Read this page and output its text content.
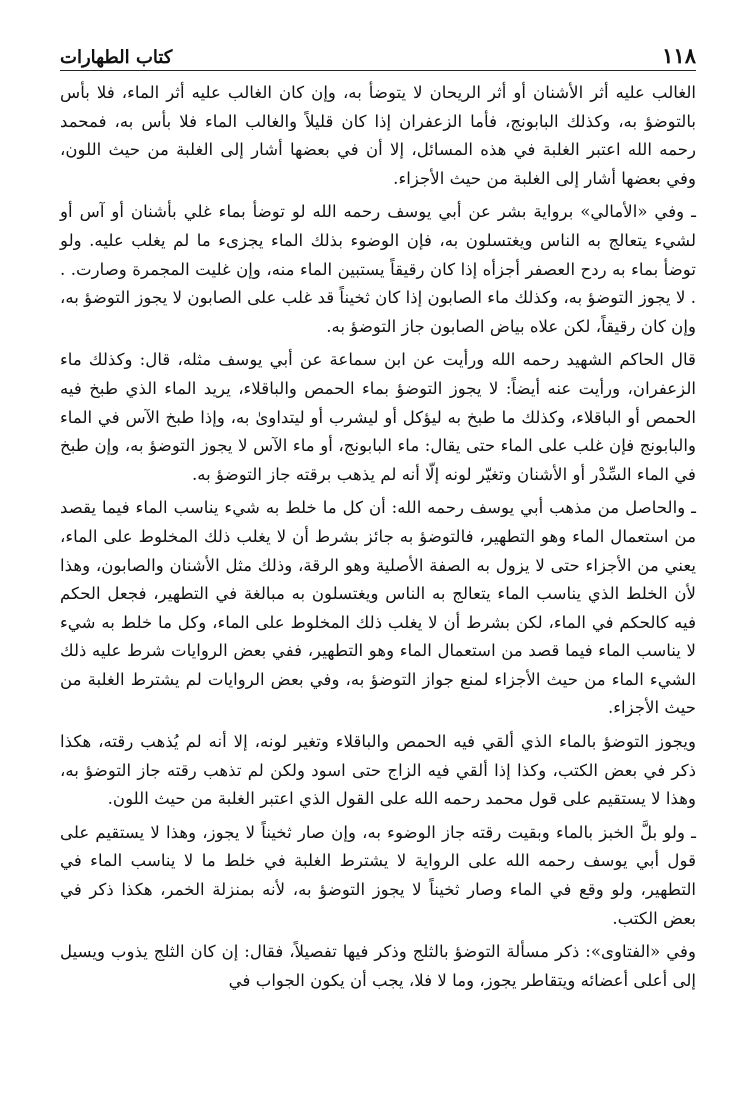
١١٨
كتاب الطهارات

الغالب عليه أثر الأشنان أو أثر الريحان لا يتوضأ به، وإن كان الغالب عليه أثر الماء، فلا بأس بالتوضؤ به، وكذلك البابونج، فأما الزعفران إذا كان قليلاً والغالب الماء فلا بأس به، فمحمد رحمه الله اعتبر الغلبة في هذه المسائل، إلا أن في بعضها أشار إلى الغلبة من حيث اللون، وفي بعضها أشار إلى الغلبة من حيث الأجزاء.

ـ وفي «الأمالي» برواية بشر عن أبي يوسف رحمه الله لو توضأ بماء غلي بأشنان أو آس أو لشيء يتعالج به الناس ويغتسلون به، فإن الوضوء بذلك الماء يجزىء ما لم يغلب عليه. ولو توضأ بماء به ردح العصفر أجزأه إذا كان رقيقاً يستبين الماء منه، وإن غليت المجمرة وصارت. . . لا يجوز التوضؤ به، وكذلك ماء الصابون إذا كان ثخيناً قد غلب على الصابون لا يجوز التوضؤ به، وإن كان رقيقاً، لكن علاه بياض الصابون جاز التوضؤ به.

قال الحاكم الشهيد رحمه الله ورأيت عن ابن سماعة عن أبي يوسف مثله، قال: وكذلك ماء الزعفران، ورأيت عنه أيضاً: لا يجوز التوضؤ بماء الحمص والباقلاء، يريد الماء الذي طبخ فيه الحمص أو الباقلاء، وكذلك ما طبخ به ليؤكل أو ليشرب أو ليتداوىٰ به، وإذا طبخ الآس في الماء والبابونج فإن غلب على الماء حتى يقال: ماء البابونج، أو ماء الآس لا يجوز التوضؤ به، وإن طبخ في الماء السِّدْر أو الأشنان وتغيّر لونه إلّا أنه لم يذهب برقته جاز التوضؤ به.

ـ والحاصل من مذهب أبي يوسف رحمه الله: أن كل ما خلط به شيء يناسب الماء فيما يقصد من استعمال الماء وهو التطهير، فالتوضؤ به جائز بشرط أن لا يغلب ذلك المخلوط على الماء، يعني من الأجزاء حتى لا يزول به الصفة الأصلية وهو الرقة، وذلك مثل الأشنان والصابون، وهذا لأن الخلط الذي يناسب الماء يتعالج به الناس ويغتسلون به مبالغة في التطهير، فجعل الحكم فيه كالحكم في الماء، لكن بشرط أن لا يغلب ذلك المخلوط على الماء، وكل ما خلط به شيء لا يناسب الماء فيما قصد من استعمال الماء وهو التطهير، ففي بعض الروايات شرط عليه ذلك الشيء الماء من حيث الأجزاء لمنع جواز التوضؤ به، وفي بعض الروايات لم يشترط الغلبة من حيث الأجزاء.

ويجوز التوضؤ بالماء الذي ألقي فيه الحمص والباقلاء وتغير لونه، إلا أنه لم يُذهب رقته، هكذا ذكر في بعض الكتب، وكذا إذا ألقي فيه الزاج حتى اسود ولكن لم تذهب رقته جاز التوضؤ به، وهذا لا يستقيم على قول محمد رحمه الله على القول الذي اعتبر الغلبة من حيث اللون.

ـ ولو بلَّ الخبز بالماء وبقيت رقته جاز الوضوء به، وإن صار ثخيناً لا يجوز، وهذا لا يستقيم على قول أبي يوسف رحمه الله على الرواية لا يشترط الغلبة في خلط ما لا يناسب الماء في التطهير، ولو وقع في الماء وصار ثخيناً لا يجوز التوضؤ به، لأنه بمنزلة الخمر، هكذا ذكر في بعض الكتب.

وفي «الفتاوى»: ذكر مسألة التوضؤ بالثلج وذكر فيها تفصيلاً، فقال: إن كان الثلج يذوب ويسيل إلى أعلى أعضائه ويتقاطر يجوز، وما لا فلا، يجب أن يكون الجواب في
